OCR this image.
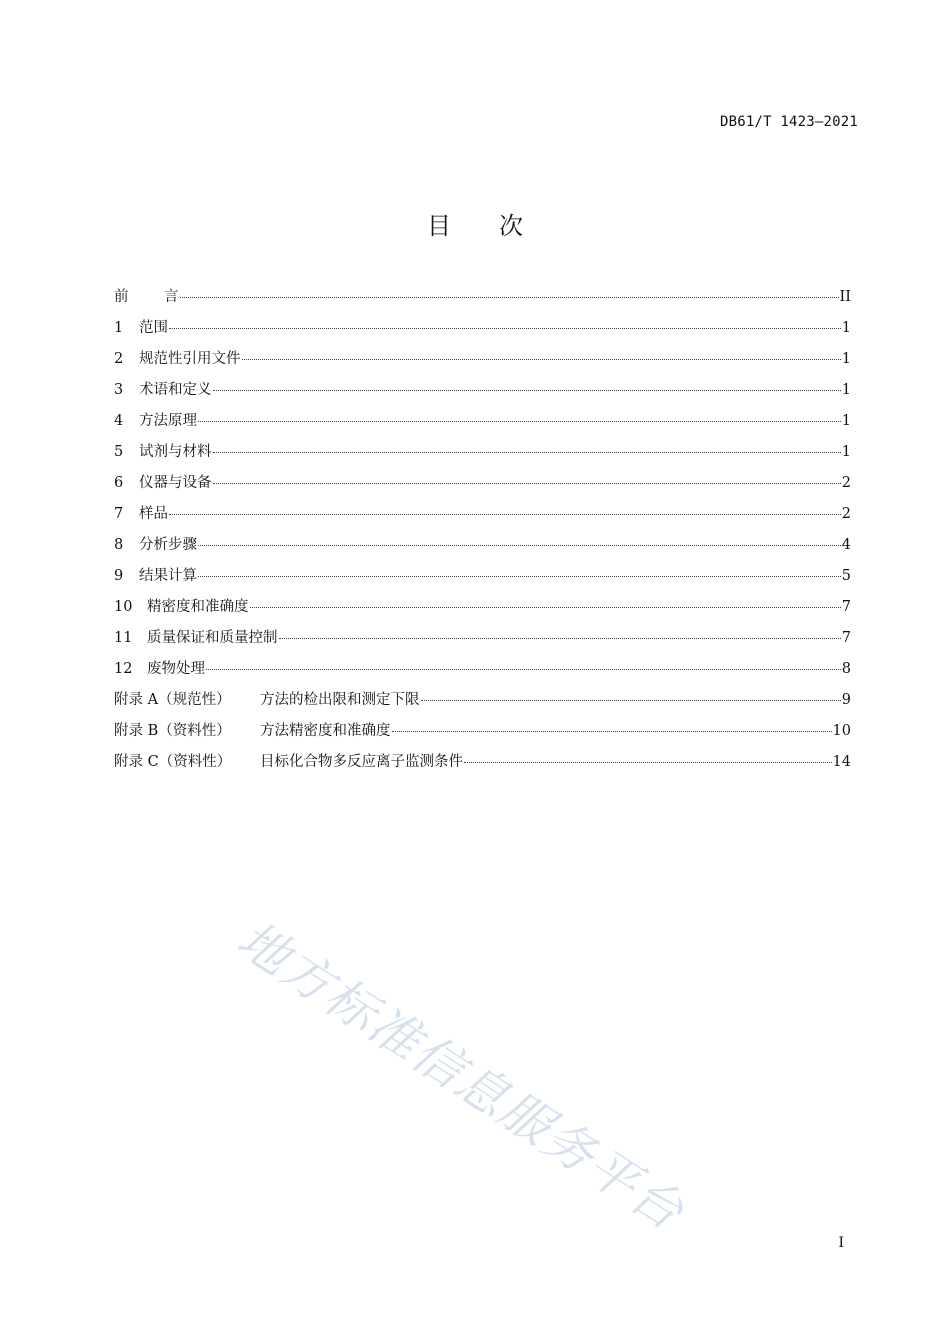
DB61/T 1423—2021
目 次
前	言	II
1	范围	1
2	规范性引用文件	1
3	术语和定义	1
4	方法原理	1
5	试剂与材料	1
6	仪器与设备	2
7	样品	2
8	分析步骤	4
9	结果计算	5
10	精密度和准确度	7
11	质量保证和质量控制	7
12	废物处理	8
附录 A（规范性）	方法的检出限和测定下限	9
附录 B（资料性）	方法精密度和准确度	10
附录 C（资料性）	目标化合物多反应离子监测条件	14
地方标准信息服务平台
I
